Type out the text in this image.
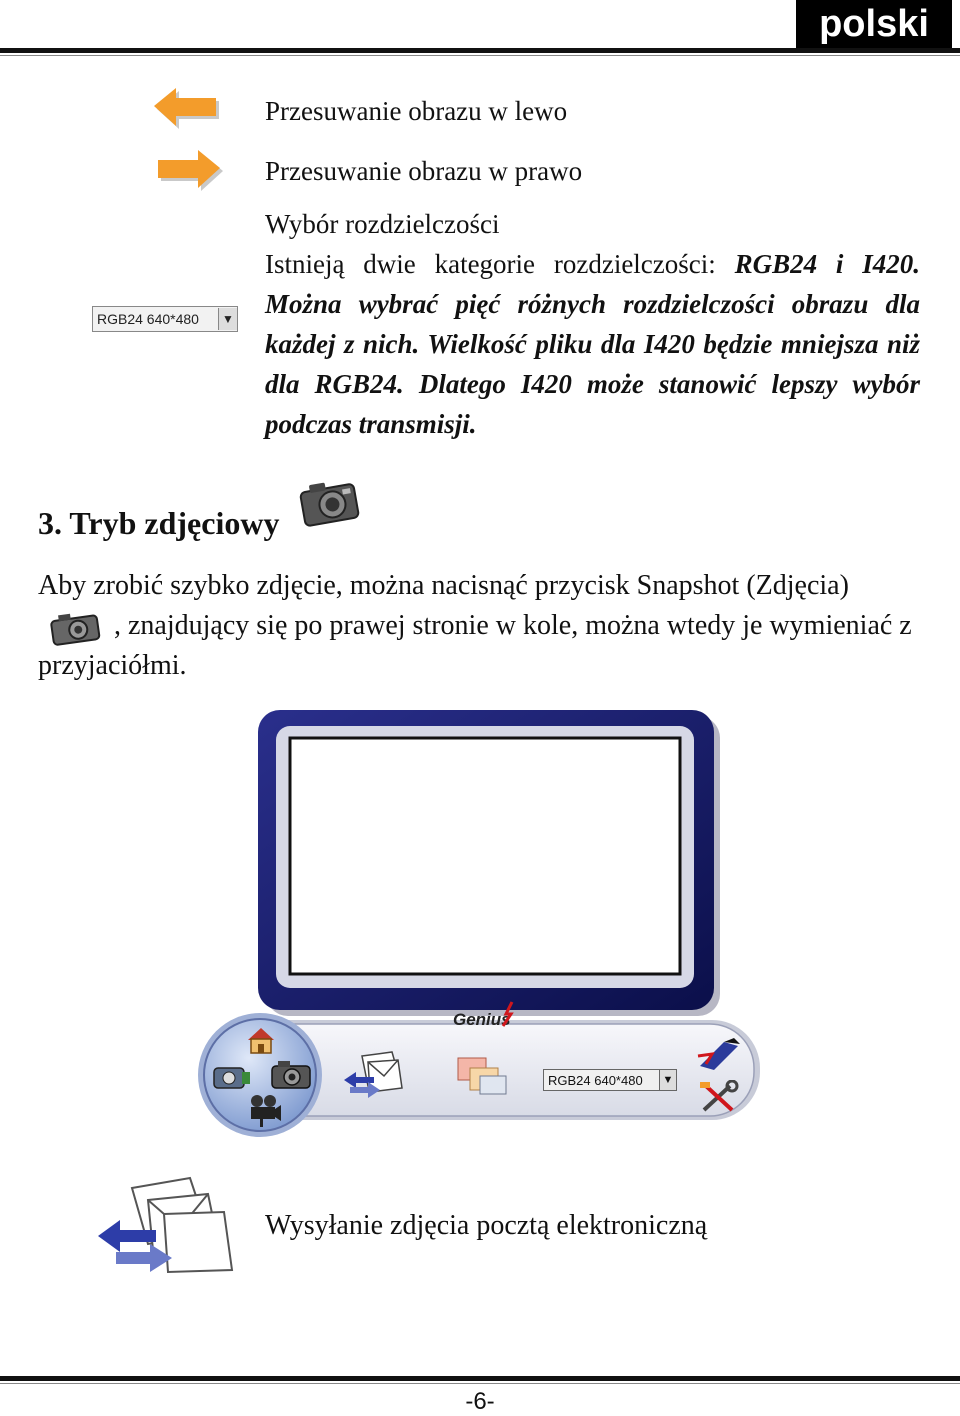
polski
Przesuwanie obrazu w lewo
Przesuwanie obrazu w prawo
RGB24 640*480	▼
Wybór rozdzielczości
Istnieją dwie kategorie rozdzielczości: RGB24 i I420.
Można wybrać pięć różnych rozdzielczości obrazu dla
każdej z nich. Wielkość pliku dla I420 będzie mniejsza niż
dla RGB24. Dlatego I420 może stanowić lepszy wybór
podczas transmisji.
3. Tryb zdjęciowy
Aby zrobić szybko zdjęcie, można nacisnąć przycisk Snapshot (Zdjęcia), znajdujący się po prawej stronie w kole, można wtedy je wymieniać z przyjaciółmi.
RGB24 640*480	▼
Genius
Wysyłanie zdjęcia pocztą elektroniczną
-6-
